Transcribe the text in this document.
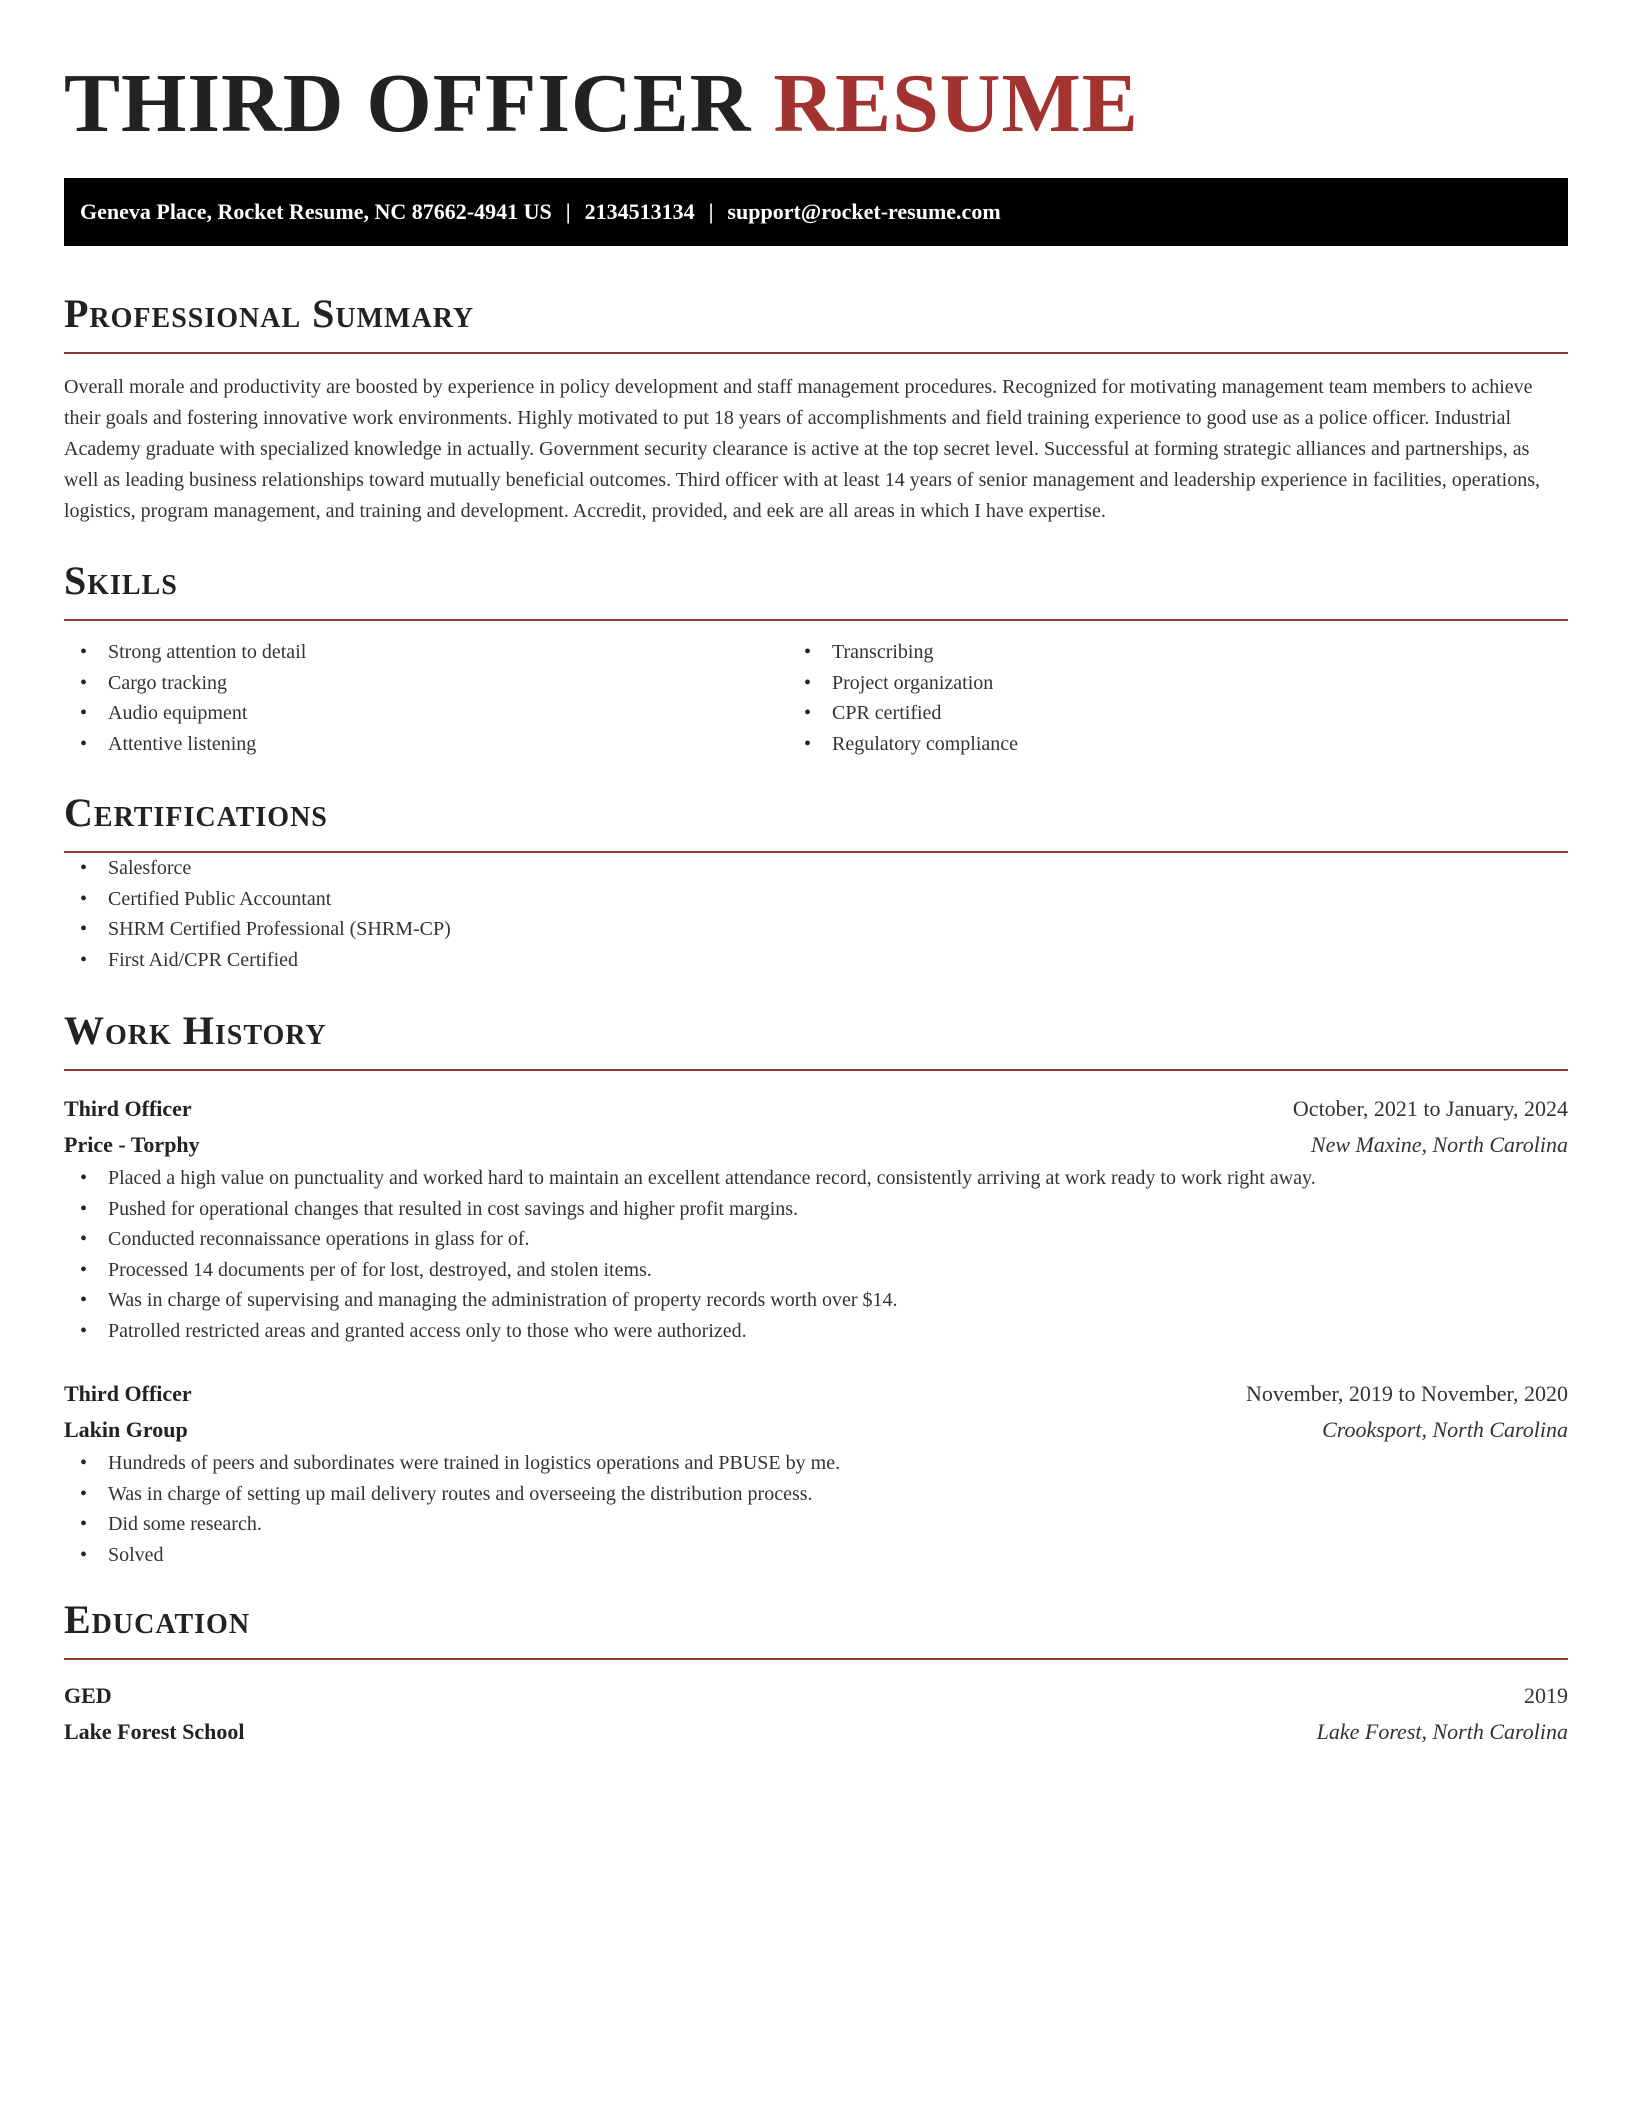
THIRD OFFICER RESUME
Geneva Place, Rocket Resume, NC 87662-4941 US | 2134513134 | support@rocket-resume.com
Professional Summary

Overall morale and productivity are boosted by experience in policy development and staff management procedures. Recognized for motivating management team members to achieve their goals and fostering innovative work environments. Highly motivated to put 18 years of accomplishments and field training experience to good use as a police officer. Industrial Academy graduate with specialized knowledge in actually. Government security clearance is active at the top secret level. Successful at forming strategic alliances and partnerships, as well as leading business relationships toward mutually beneficial outcomes. Third officer with at least 14 years of senior management and leadership experience in facilities, operations, logistics, program management, and training and development. Accredit, provided, and eek are all areas in which I have expertise.

Skills
• Strong attention to detail
• Cargo tracking
• Audio equipment
• Attentive listening
• Transcribing
• Project organization
• CPR certified
• Regulatory compliance
Certifications
• Salesforce
• Certified Public Accountant
• SHRM Certified Professional (SHRM-CP)
• First Aid/CPR Certified
Work History
Third Officer	October, 2021 to January, 2024
Price - Torphy	New Maxine, North Carolina
• Placed a high value on punctuality and worked hard to maintain an excellent attendance record, consistently arriving at work ready to work right away.
• Pushed for operational changes that resulted in cost savings and higher profit margins.
• Conducted reconnaissance operations in glass for of.
• Processed 14 documents per of for lost, destroyed, and stolen items.
• Was in charge of supervising and managing the administration of property records worth over $14.
• Patrolled restricted areas and granted access only to those who were authorized.
Third Officer	November, 2019 to November, 2020
Lakin Group	Crooksport, North Carolina
• Hundreds of peers and subordinates were trained in logistics operations and PBUSE by me.
• Was in charge of setting up mail delivery routes and overseeing the distribution process.
• Did some research.
• Solved
Education
GED	2019
Lake Forest School	Lake Forest, North Carolina
